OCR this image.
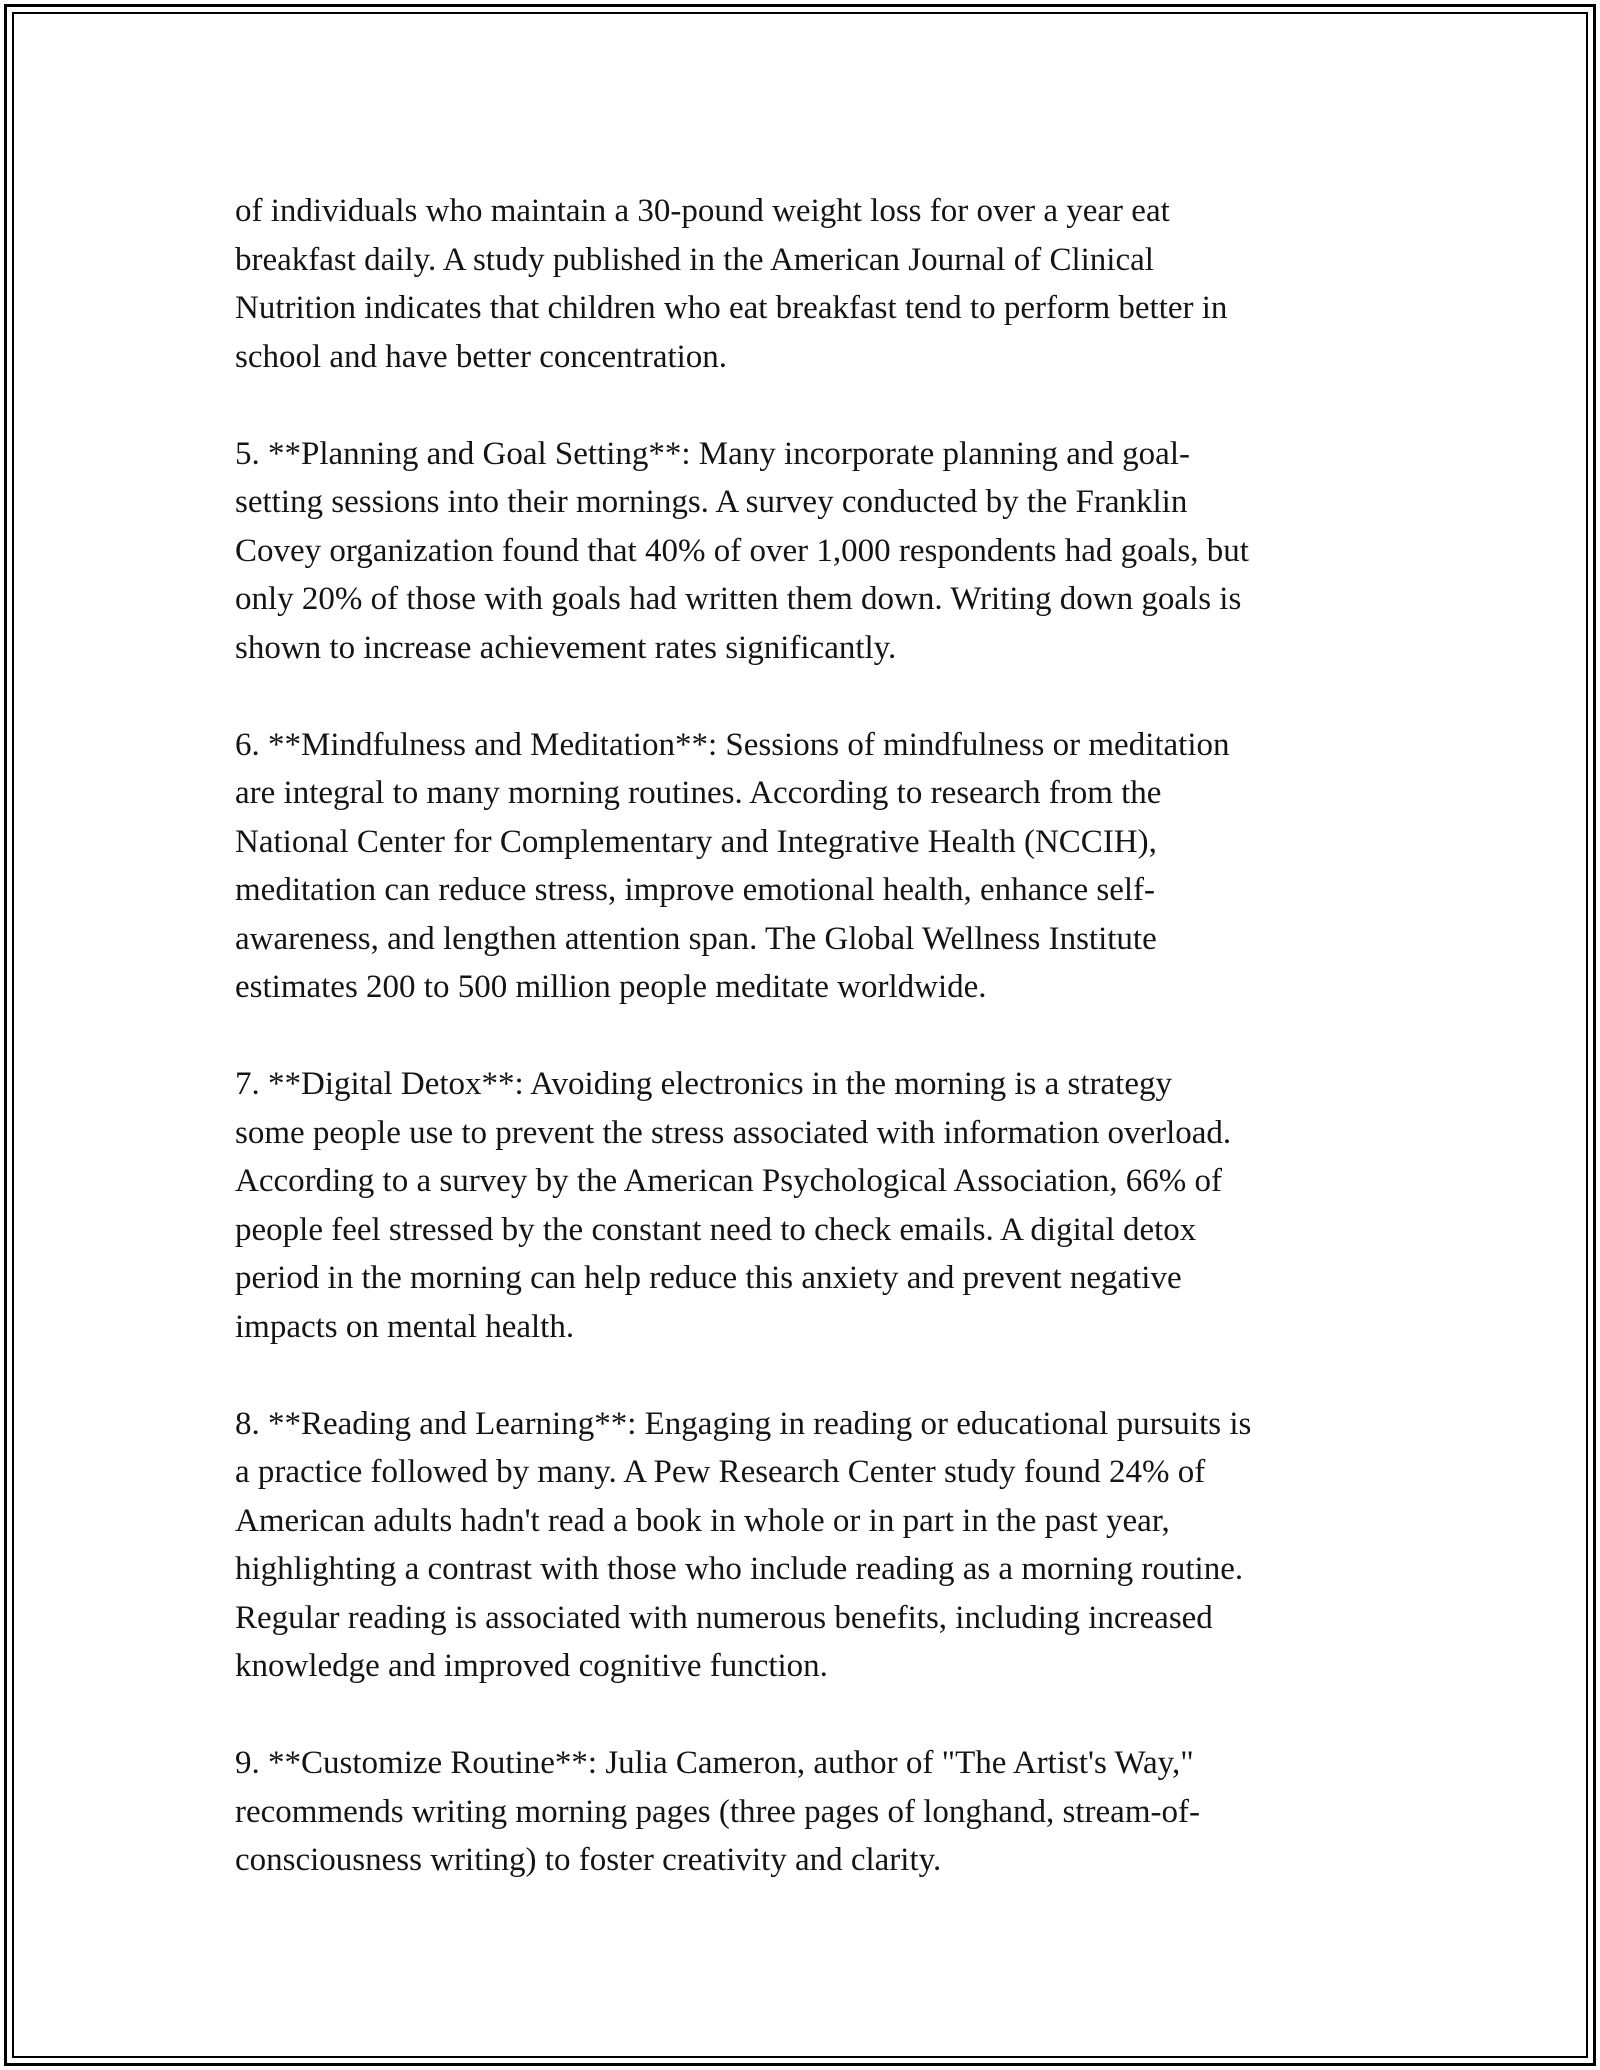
of individuals who maintain a 30-pound weight loss for over a year eat
breakfast daily. A study published in the American Journal of Clinical
Nutrition indicates that children who eat breakfast tend to perform better in
school and have better concentration.

5. **Planning and Goal Setting**: Many incorporate planning and goal-
setting sessions into their mornings. A survey conducted by the Franklin
Covey organization found that 40% of over 1,000 respondents had goals, but
only 20% of those with goals had written them down. Writing down goals is
shown to increase achievement rates significantly.

6. **Mindfulness and Meditation**: Sessions of mindfulness or meditation
are integral to many morning routines. According to research from the
National Center for Complementary and Integrative Health (NCCIH),
meditation can reduce stress, improve emotional health, enhance self-
awareness, and lengthen attention span. The Global Wellness Institute
estimates 200 to 500 million people meditate worldwide.

7. **Digital Detox**: Avoiding electronics in the morning is a strategy
some people use to prevent the stress associated with information overload.
According to a survey by the American Psychological Association, 66% of
people feel stressed by the constant need to check emails. A digital detox
period in the morning can help reduce this anxiety and prevent negative
impacts on mental health.

8. **Reading and Learning**: Engaging in reading or educational pursuits is
a practice followed by many. A Pew Research Center study found 24% of
American adults hadn't read a book in whole or in part in the past year,
highlighting a contrast with those who include reading as a morning routine.
Regular reading is associated with numerous benefits, including increased
knowledge and improved cognitive function.

9. **Customize Routine**: Julia Cameron, author of "The Artist's Way,"
recommends writing morning pages (three pages of longhand, stream-of-
consciousness writing) to foster creativity and clarity.
